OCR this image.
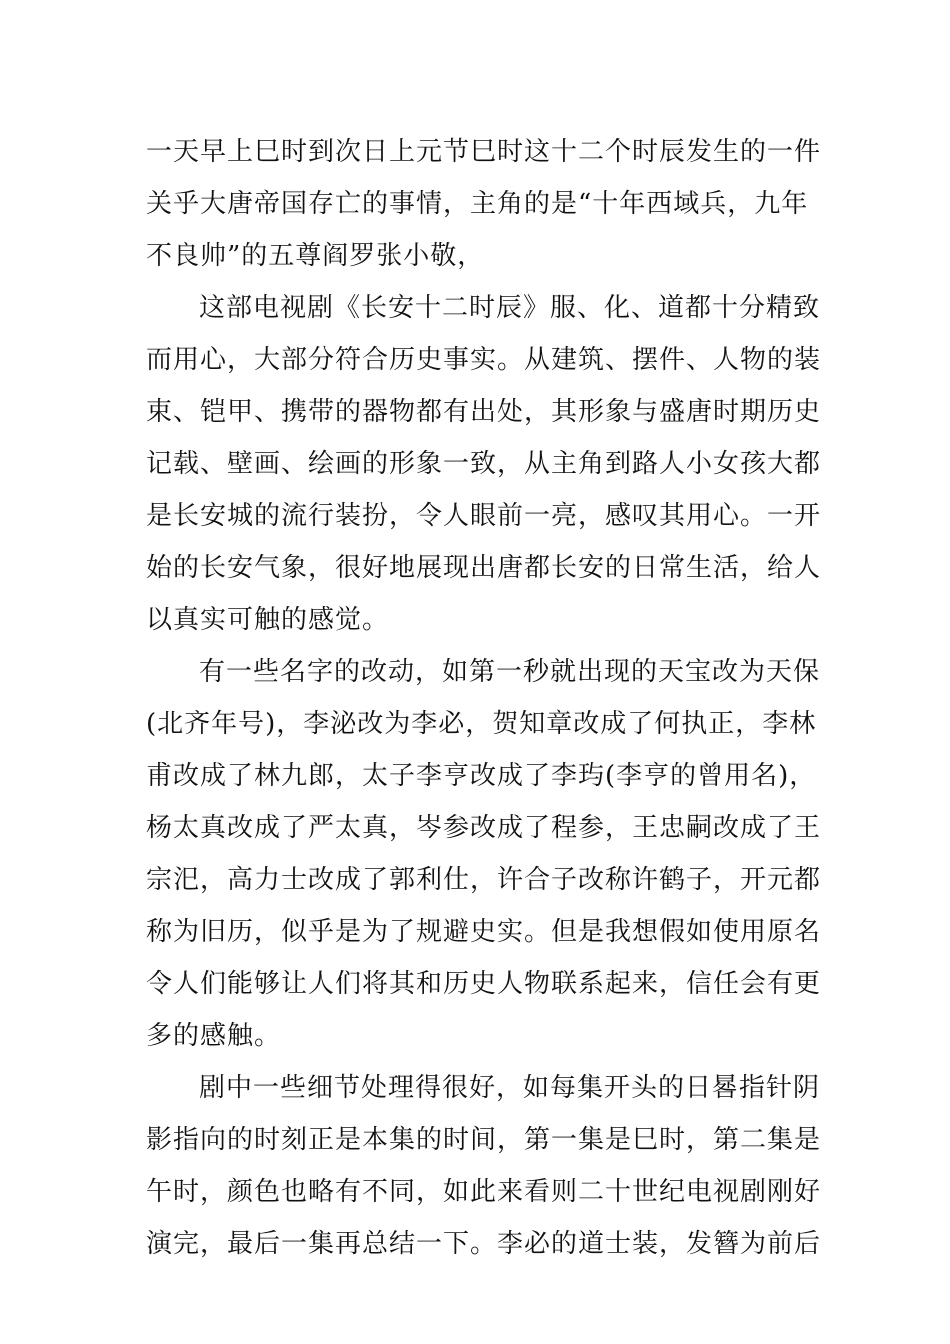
一天早上巳时到次日上元节巳时这十二个时辰发生的一件
关乎大唐帝国存亡的事情，主角的是“十年西域兵，九年
不良帅”的五尊阎罗张小敬，
这部电视剧《长安十二时辰》服、化、道都十分精致
而用心，大部分符合历史事实。从建筑、摆件、人物的装
束、铠甲、携带的器物都有出处，其形象与盛唐时期历史
记载、壁画、绘画的形象一致，从主角到路人小女孩大都
是长安城的流行装扮，令人眼前一亮，感叹其用心。一开
始的长安气象，很好地展现出唐都长安的日常生活，给人
以真实可触的感觉。
有一些名字的改动，如第一秒就出现的天宝改为天保
(北齐年号)，李泌改为李必，贺知章改成了何执正，李林
甫改成了林九郎，太子李亨改成了李玙(李亨的曾用名)，
杨太真改成了严太真，岑参改成了程参，王忠嗣改成了王
宗汜，高力士改成了郭利仕，许合子改称许鹤子，开元都
称为旧历，似乎是为了规避史实。但是我想假如使用原名
令人们能够让人们将其和历史人物联系起来，信任会有更
多的感触。
剧中一些细节处理得很好，如每集开头的日晷指针阴
影指向的时刻正是本集的时间，第一集是巳时，第二集是
午时，颜色也略有不同，如此来看则二十世纪电视剧刚好
演完，最后一集再总结一下。李必的道士装，发簪为前后
